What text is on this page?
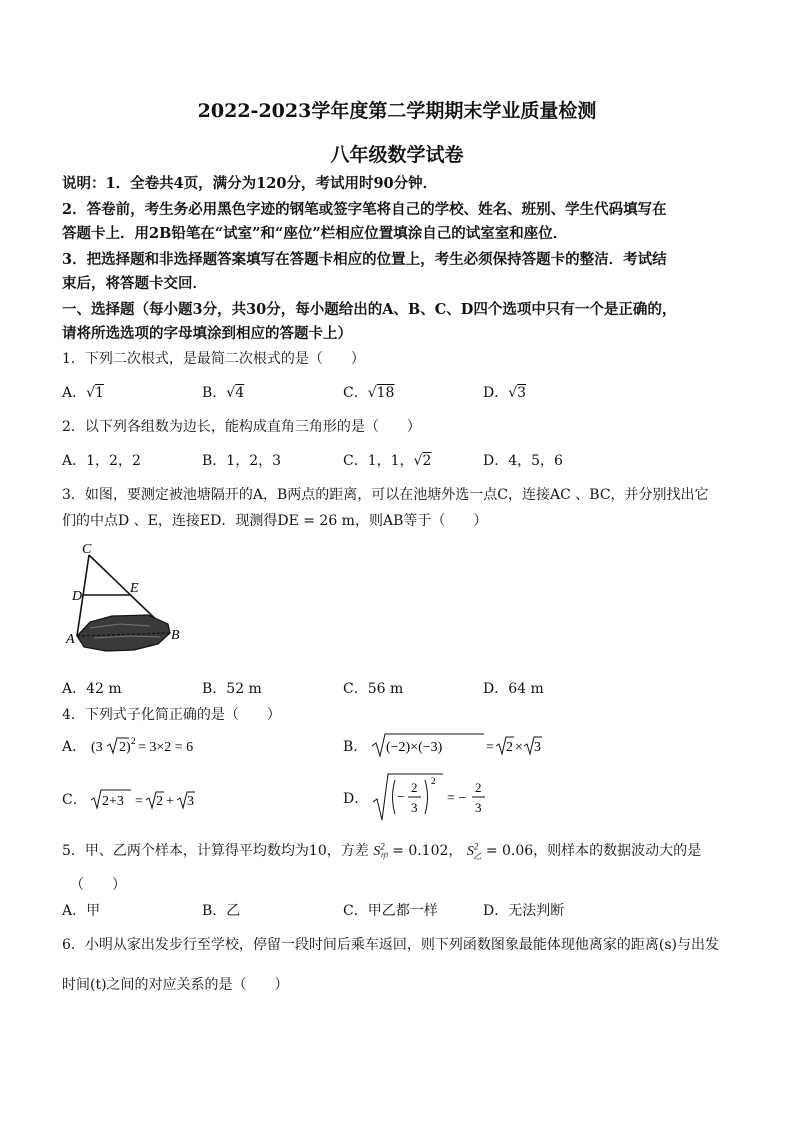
2022-2023学年度第二学期期末学业质量检测
八年级数学试卷
说明：1．全卷共4页，满分为120分，考试用时90分钟．
2．答卷前，考生务必用黑色字迹的钢笔或签字笔将自己的学校、姓名、班别、学生代码填写在
答题卡上．用2B铅笔在“试室”和“座位”栏相应位置填涂自己的试室室和座位．
3．把选择题和非选择题答案填写在答题卡相应的位置上，考生必须保持答题卡的整洁．考试结
束后，将答题卡交回．
一、选择题（每小题3分，共30分，每小题给出的A、B、C、D四个选项中只有一个是正确的，
请将所选选项的字母填涂到相应的答题卡上）
1．下列二次根式，是最简二次根式的是（　　）
A．√1	B．√4	C．√18	D．√3
2．以下列各组数为边长，能构成直角三角形的是（　　）
A．1，2，2	B．1，2，3	C．1，1，√2	D．4，5，6
3．如图，要测定被池塘隔开的A，B两点的距离，可以在池塘外选一点C，连接AC 、BC，并分别找出它
们的中点D 、E，连接ED．现测得DE = 26 m，则AB等于（　　）
C
D
E
A	B
A．42 m	B．52 m	C．56 m	D．64 m
4．下列式子化简正确的是（　　）
A． (3 2) 2 = 3×2 = 6	B． (−2)×(−3)	= 2 × 3
C． 2+3 = 2 + 3	D． −
2
3
2
= −
2
3
5．甲、乙两个样本，计算得平均数均为10，方差 $S^2_甲 = 0.102$， $S^2_乙 = 0.06$，则样本的数据波动大的是
（　　）
A．甲	B．乙	C．甲乙都一样	D．无法判断
6．小明从家出发步行至学校，停留一段时间后乘车返回，则下列函数图象最能体现他离家的距离(s)与出发
时间(t)之间的对应关系的是（　　）
